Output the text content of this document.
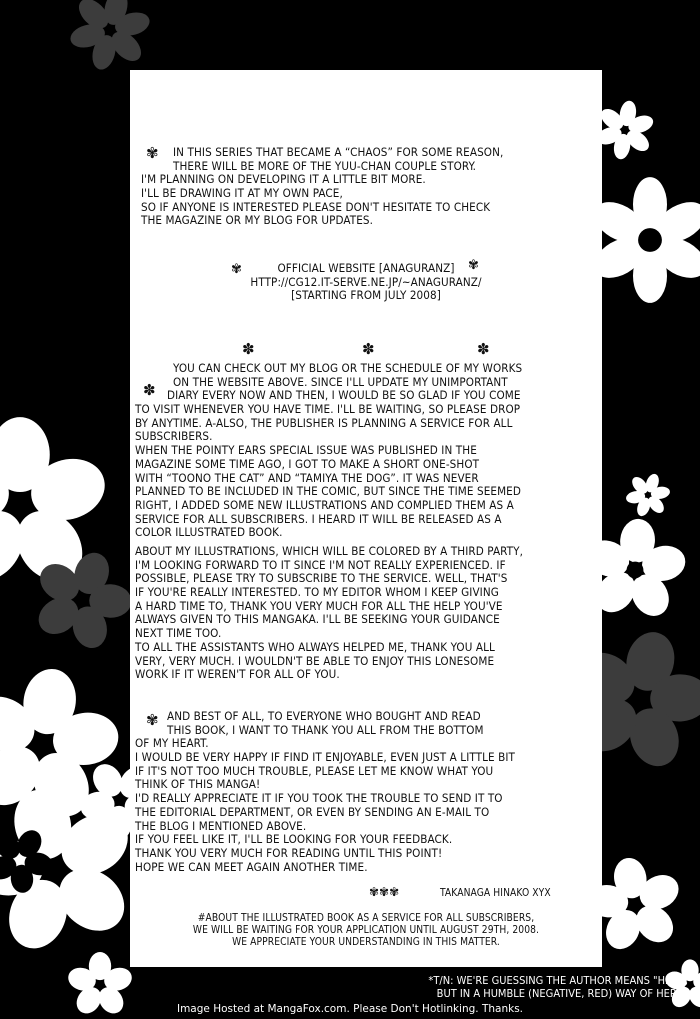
✾
✾	✾
✽	✽	✽
✽
✾
✾✾✾
IN THIS SERIES THAT BECAME A “CHAOS” FOR SOME REASON,
THERE WILL BE MORE OF THE YUU-CHAN COUPLE STORY.
I'M PLANNING ON DEVELOPING IT A LITTLE BIT MORE.
I'LL BE DRAWING IT AT MY OWN PACE,
SO IF ANYONE IS INTERESTED PLEASE DON'T HESITATE TO CHECK
THE MAGAZINE OR MY BLOG FOR UPDATES.
OFFICIAL WEBSITE [ANAGURANZ]
HTTP://CG12.IT-SERVE.NE.JP/~ANAGURANZ/
[STARTING FROM JULY 2008]
YOU CAN CHECK OUT MY BLOG OR THE SCHEDULE OF MY WORKS
ON THE WEBSITE ABOVE. SINCE I'LL UPDATE MY UNIMPORTANT
DIARY EVERY NOW AND THEN, I WOULD BE SO GLAD IF YOU COME
TO VISIT WHENEVER YOU HAVE TIME. I'LL BE WAITING, SO PLEASE DROP
BY ANYTIME. A-ALSO, THE PUBLISHER IS PLANNING A SERVICE FOR ALL
SUBSCRIBERS.
WHEN THE POINTY EARS SPECIAL ISSUE WAS PUBLISHED IN THE
MAGAZINE SOME TIME AGO, I GOT TO MAKE A SHORT ONE-SHOT
WITH “TOONO THE CAT” AND “TAMIYA THE DOG”. IT WAS NEVER
PLANNED TO BE INCLUDED IN THE COMIC, BUT SINCE THE TIME SEEMED
RIGHT, I ADDED SOME NEW ILLUSTRATIONS AND COMPLIED THEM AS A
SERVICE FOR ALL SUBSCRIBERS. I HEARD IT WILL BE RELEASED AS A
COLOR ILLUSTRATED BOOK.
ABOUT MY ILLUSTRATIONS, WHICH WILL BE COLORED BY A THIRD PARTY,
I'M LOOKING FORWARD TO IT SINCE I'M NOT REALLY EXPERIENCED. IF
POSSIBLE, PLEASE TRY TO SUBSCRIBE TO THE SERVICE. WELL, THAT'S
IF YOU'RE REALLY INTERESTED. TO MY EDITOR WHOM I KEEP GIVING
A HARD TIME TO, THANK YOU VERY MUCH FOR ALL THE HELP YOU'VE
ALWAYS GIVEN TO THIS MANGAKA. I'LL BE SEEKING YOUR GUIDANCE
NEXT TIME TOO.
TO ALL THE ASSISTANTS WHO ALWAYS HELPED ME, THANK YOU ALL
VERY, VERY MUCH. I WOULDN'T BE ABLE TO ENJOY THIS LONESOME
WORK IF IT WEREN'T FOR ALL OF YOU.
AND BEST OF ALL, TO EVERYONE WHO BOUGHT AND READ
THIS BOOK, I WANT TO THANK YOU ALL FROM THE BOTTOM
OF MY HEART.
I WOULD BE VERY HAPPY IF FIND IT ENJOYABLE, EVEN JUST A LITTLE BIT
IF IT'S NOT TOO MUCH TROUBLE, PLEASE LET ME KNOW WHAT YOU
THINK OF THIS MANGA!
I'D REALLY APPRECIATE IT IF YOU TOOK THE TROUBLE TO SEND IT TO
THE EDITORIAL DEPARTMENT, OR EVEN BY SENDING AN E-MAIL TO
THE BLOG I MENTIONED ABOVE.
IF YOU FEEL LIKE IT, I'LL BE LOOKING FOR YOUR FEEDBACK.
THANK YOU VERY MUCH FOR READING UNTIL THIS POINT!
HOPE WE CAN MEET AGAIN ANOTHER TIME.
TAKANAGA HINAKO XYX
#ABOUT THE ILLUSTRATED BOOK AS A SERVICE FOR ALL SUBSCRIBERS,
WE WILL BE WAITING FOR YOUR APPLICATION UNTIL AUGUST 29TH, 2008.
WE APPRECIATE YOUR UNDERSTANDING IN THIS MATTER.
*T/N: WE'RE GUESSING THE AUTHOR MEANS "HITS",
BUT IN A HUMBLE (NEGATIVE, RED) WAY OF HERS*
Image Hosted at MangaFox.com. Please Don't Hotlinking. Thanks.
